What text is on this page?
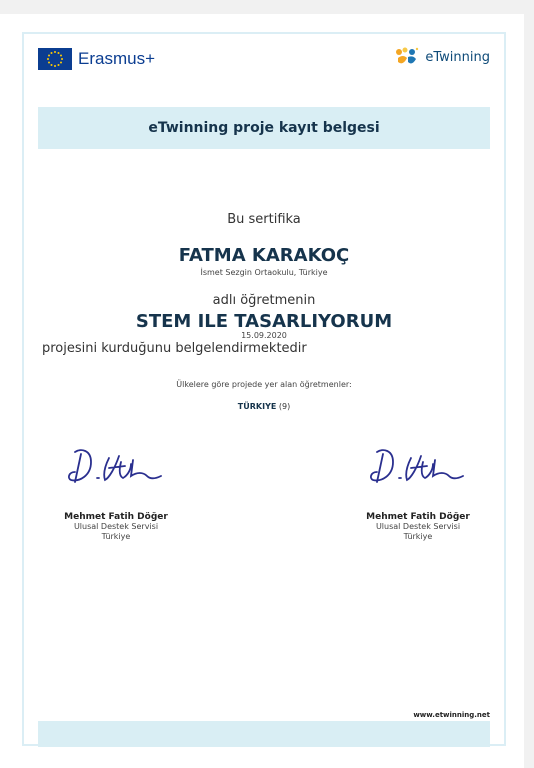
Erasmus+	eTwinning
eTwinning proje kayıt belgesi
Bu sertifika
FATMA KARAKOÇ
İsmet Sezgin Ortaokulu, Türkiye
adlı öğretmenin
STEM ILE TASARLIYORUM
15.09.2020
projesini kurduğunu belgelendirmektedir
Ülkelere göre projede yer alan öğretmenler:
TÜRKIYE (9)
Mehmet Fatih Döğer
Ulusal Destek Servisi
Türkiye
Mehmet Fatih Döğer
Ulusal Destek Servisi
Türkiye
www.etwinning.net
